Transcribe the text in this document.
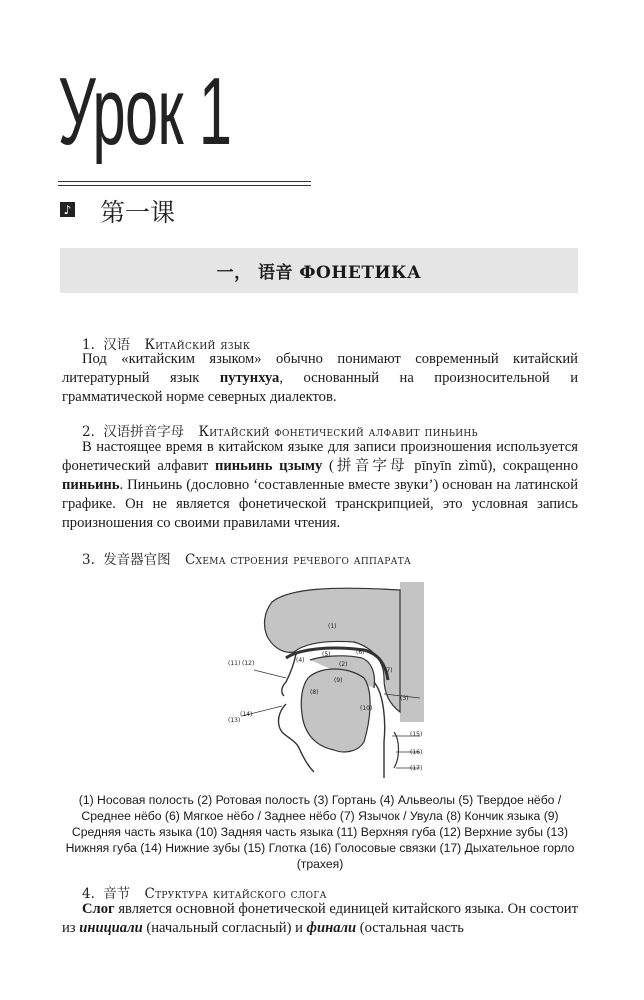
Урок 1
♪ 第一课
一， 语音 ФОНЕТИКА
1. 汉语 Китайский язык

Под «китайским языком» обычно понимают современный китайский литературный язык путунхуа, основанный на произносительной и грамматической норме северных диалектов.

2. 汉语拼音字母 Китайский фонетический алфавит пиньинь

В настоящее время в китайском языке для записи произношения используется фонетический алфавит пиньинь цзыму (拼音字母 pīnyīn zìmǔ), сокращенно пиньинь. Пиньинь (дословно ‘составленные вместе звуки’) основан на латинской графике. Он не является фонетической транскрипцией, это условная запись произношения со своими правилами чтения.

3. 发音器官图 Схема строения речевого аппарата
(1)
(2)
(3)
(4)
(5)	(6)
(7)
(8)
(9)
(10)
(11) (12)
(13)
(14)
(15)
(16)
(17)

(1) Носовая полость (2) Ротовая полость (3) Гортань (4) Альвеолы (5) Твердое нёбо / Среднее нёбо (6) Мягкое нёбо / Заднее нёбо (7) Язычок / Увула (8) Кончик языка (9) Средняя часть языка (10) Задняя часть языка (11) Верхняя губа (12) Верхние зубы (13) Нижняя губа (14) Нижние зубы (15) Глотка (16) Голосовые связки (17) Дыхательное горло (трахея)

4. 音节 Структура китайского слога

Слог является основной фонетической единицей китайского языка. Он состоит из инициали (начальный согласный) и финали (остальная часть
